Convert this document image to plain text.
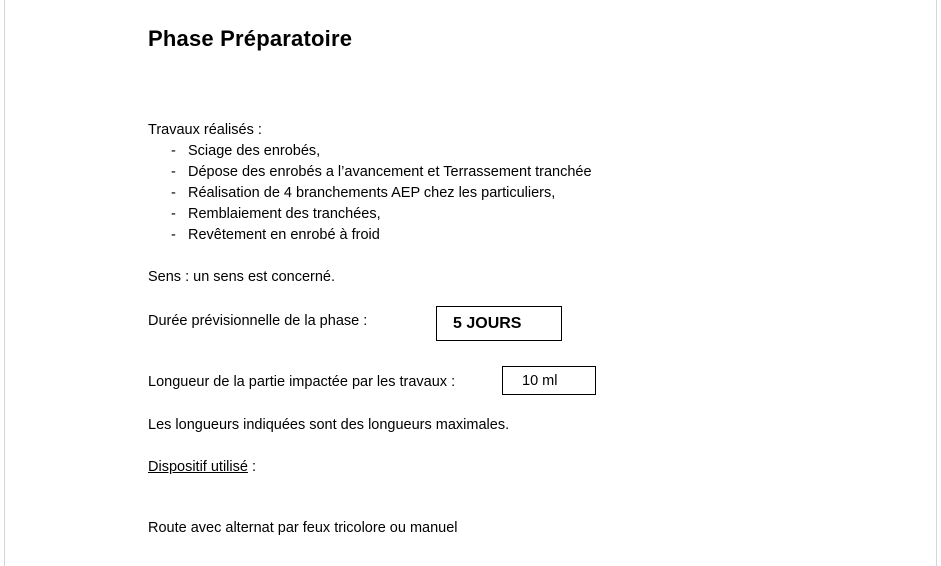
Phase Préparatoire
Travaux réalisés :
- Sciage des enrobés,
- Dépose des enrobés a l’avancement et Terrassement tranchée
- Réalisation de 4 branchements AEP chez les particuliers,
- Remblaiement des tranchées,
- Revêtement en enrobé à froid
Sens : un sens est concerné.
Durée prévisionnelle de la phase :	5 JOURS
Longueur de la partie impactée par les travaux :	10 ml
Les longueurs indiquées sont des longueurs maximales.
Dispositif utilisé :
Route avec alternat par feux tricolore ou manuel
